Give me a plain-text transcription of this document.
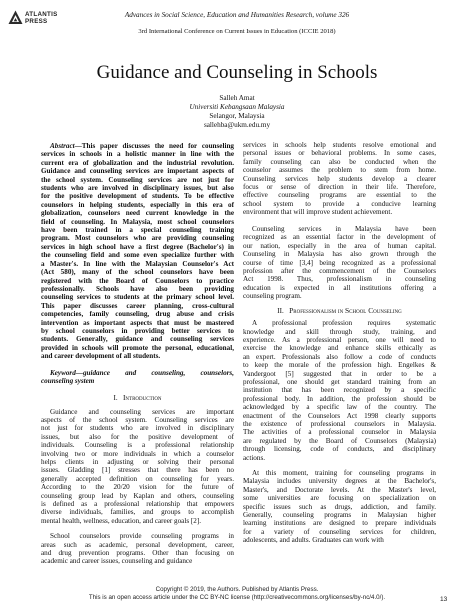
ATLANTIS
PRESS
Advances in Social Science, Education and Humanities Research, volume 326
3rd International Conference on Current Issues in Education (ICCIE 2018)
Guidance and Counseling in Schools
Salleh Amat
Universiti Kebangsaan Malaysia
Selangor, Malaysia
sallehba@ukm.edu.my

Abstract—This paper discusses the need for counseling

services in schools in a holistic manner in line with the

current era of globalization and the industrial revolution.

Guidance and counseling services are important aspects of

the school system. Counseling services are not just for

students who are involved in disciplinary issues, but also

for the positive development of students. To be effective

counselors in helping students, especially in this era of

globalization, counselors need current knowledge in the

field of counseling. In Malaysia, most school counselors

have been trained in a special counseling training

program. Most counselors who are providing counseling

services in high school have a first degree (Bachelor's) in

the counseling field and some even specialize further with

a Master's. In line with the Malaysian Counselor's Act

(Act 580), many of the school counselors have been

registered with the Board of Counselors to practice

professionally. Schools have also been providing

counseling services to students at the primary school level.

This paper discusses career planning, cross-cultural

competencies, family counseling, drug abuse and crisis

intervention as important aspects that must be mastered

by school counselors in providing better services to

students. Generally, guidance and counseling services

provided in schools will promote the personal, educational,

and career development of all students.

Keyword—guidance and counseling, counselors,

counseling system

I. Introduction

Guidance and counseling services are important

aspects of the school system. Counseling services are

not just for students who are involved in disciplinary

issues, but also for the positive development of

individuals. Counseling is a professional relationship

involving two or more individuals in which a counselor

helps clients in adjusting or solving their personal

issues. Gladding [1] stresses that there has been no

generally accepted definition on counseling for years.

According to the 20/20 vision for the future of

counseling group lead by Kaplan and others, counseling

is defined as a professional relationship that empowers

diverse individuals, families, and groups to accomplish

mental health, wellness, education, and career goals [2].

School counselors provide counseling programs in

areas such as academic, personal development, career,

and drug prevention programs. Other than focusing on

academic and career issues, counseling and guidance

services in schools help students resolve emotional and

personal issues or behavioral problems. In some cases,

family counseling can also be conducted when the

counselor assumes the problem to stem from home.

Counseling services help students develop a clearer

focus or sense of direction in their life. Therefore,

effective counseling programs are essential to the

school system to provide a conducive learning

environment that will improve student achievement.

Counseling services in Malaysia have been

recognized as an essential factor in the development of

our nation, especially in the area of human capital.

Counseling in Malaysia has also grown through the

course of time [3,4] being recognized as a professional

profession after the commencement of the Counselors

Act 1998. Thus, professionalism in counseling

education is expected in all institutions offering a

counseling program.

II. Professionalism in School Counseling

A professional profession requires systematic

knowledge and skill through study, training, and

experience. As a professional person, one will need to

exercise the knowledge and enhance skills ethically as

an expert. Professionals also follow a code of conducts

to keep the morale of the profession high. Engelkes &

Vandergoot [5] suggested that in order to be a

professional, one should get standard training from an

institution that has been recognized by a specific

professional body. In addition, the profession should be

acknowledged by a specific law of the country. The

enactment of the Counselors Act 1998 clearly supports

the existence of professional counselors in Malaysia.

The activities of a professional counselor in Malaysia

are regulated by the Board of Counselors (Malaysia)

through licensing, code of conducts, and disciplinary

actions.

At this moment, training for counseling programs in

Malaysia includes university degrees at the Bachelor's,

Master's, and Doctorate levels. At the Master's level,

some universities are focusing on specialization on

specific issues such as drugs, addiction, and family.

Generally, counseling programs in Malaysian higher

learning institutions are designed to prepare individuals

for a variety of counseling services for children,

adolescents, and adults. Graduates can work with

Copyright © 2019, the Authors. Published by Atlantis Press.
This is an open access article under the CC BY-NC license (http://creativecommons.org/licenses/by-nc/4.0/).	13
